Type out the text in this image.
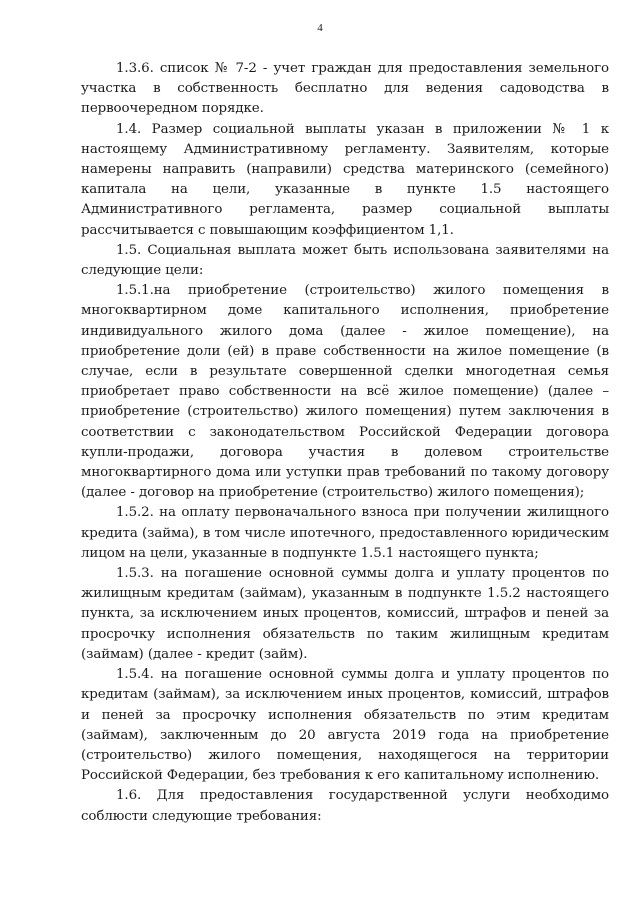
4

1.3.6. список № 7-2 - учет граждан для предоставления земельного участка в собственность бесплатно для ведения садоводства в первоочередном порядке.

1.4. Размер социальной выплаты указан в приложении № 1 к настоящему Административному регламенту. Заявителям, которые намерены направить (направили) средства материнского (семейного) капитала на цели, указанные в пункте 1.5 настоящего Административного регламента, размер социальной выплаты рассчитывается с повышающим коэффициентом 1,1.

1.5. Социальная выплата может быть использована заявителями на следующие цели:

1.5.1.на приобретение (строительство) жилого помещения в многоквартирном доме капитального исполнения, приобретение индивидуального жилого дома (далее - жилое помещение), на приобретение доли (ей) в праве собственности на жилое помещение (в случае, если в результате совершенной сделки многодетная семья приобретает право собственности на всё жилое помещение) (далее – приобретение (строительство) жилого помещения) путем заключения в соответствии с законодательством Российской Федерации договора купли-продажи, договора участия в долевом строительстве многоквартирного дома или уступки прав требований по такому договору (далее - договор на приобретение (строительство) жилого помещения);

1.5.2. на оплату первоначального взноса при получении жилищного кредита (займа), в том числе ипотечного, предоставленного юридическим лицом на цели, указанные в подпункте 1.5.1 настоящего пункта;

1.5.3. на погашение основной суммы долга и уплату процентов по жилищным кредитам (займам), указанным в подпункте 1.5.2 настоящего пункта, за исключением иных процентов, комиссий, штрафов и пеней за просрочку исполнения обязательств по таким жилищным кредитам (займам) (далее - кредит (займ).

1.5.4. на погашение основной суммы долга и уплату процентов по кредитам (займам), за исключением иных процентов, комиссий, штрафов и пеней за просрочку исполнения обязательств по этим кредитам (займам), заключенным до 20 августа 2019 года на приобретение (строительство) жилого помещения, находящегося на территории Российской Федерации, без требования к его капитальному исполнению.

1.6. Для предоставления государственной услуги необходимо соблюсти следующие требования:
